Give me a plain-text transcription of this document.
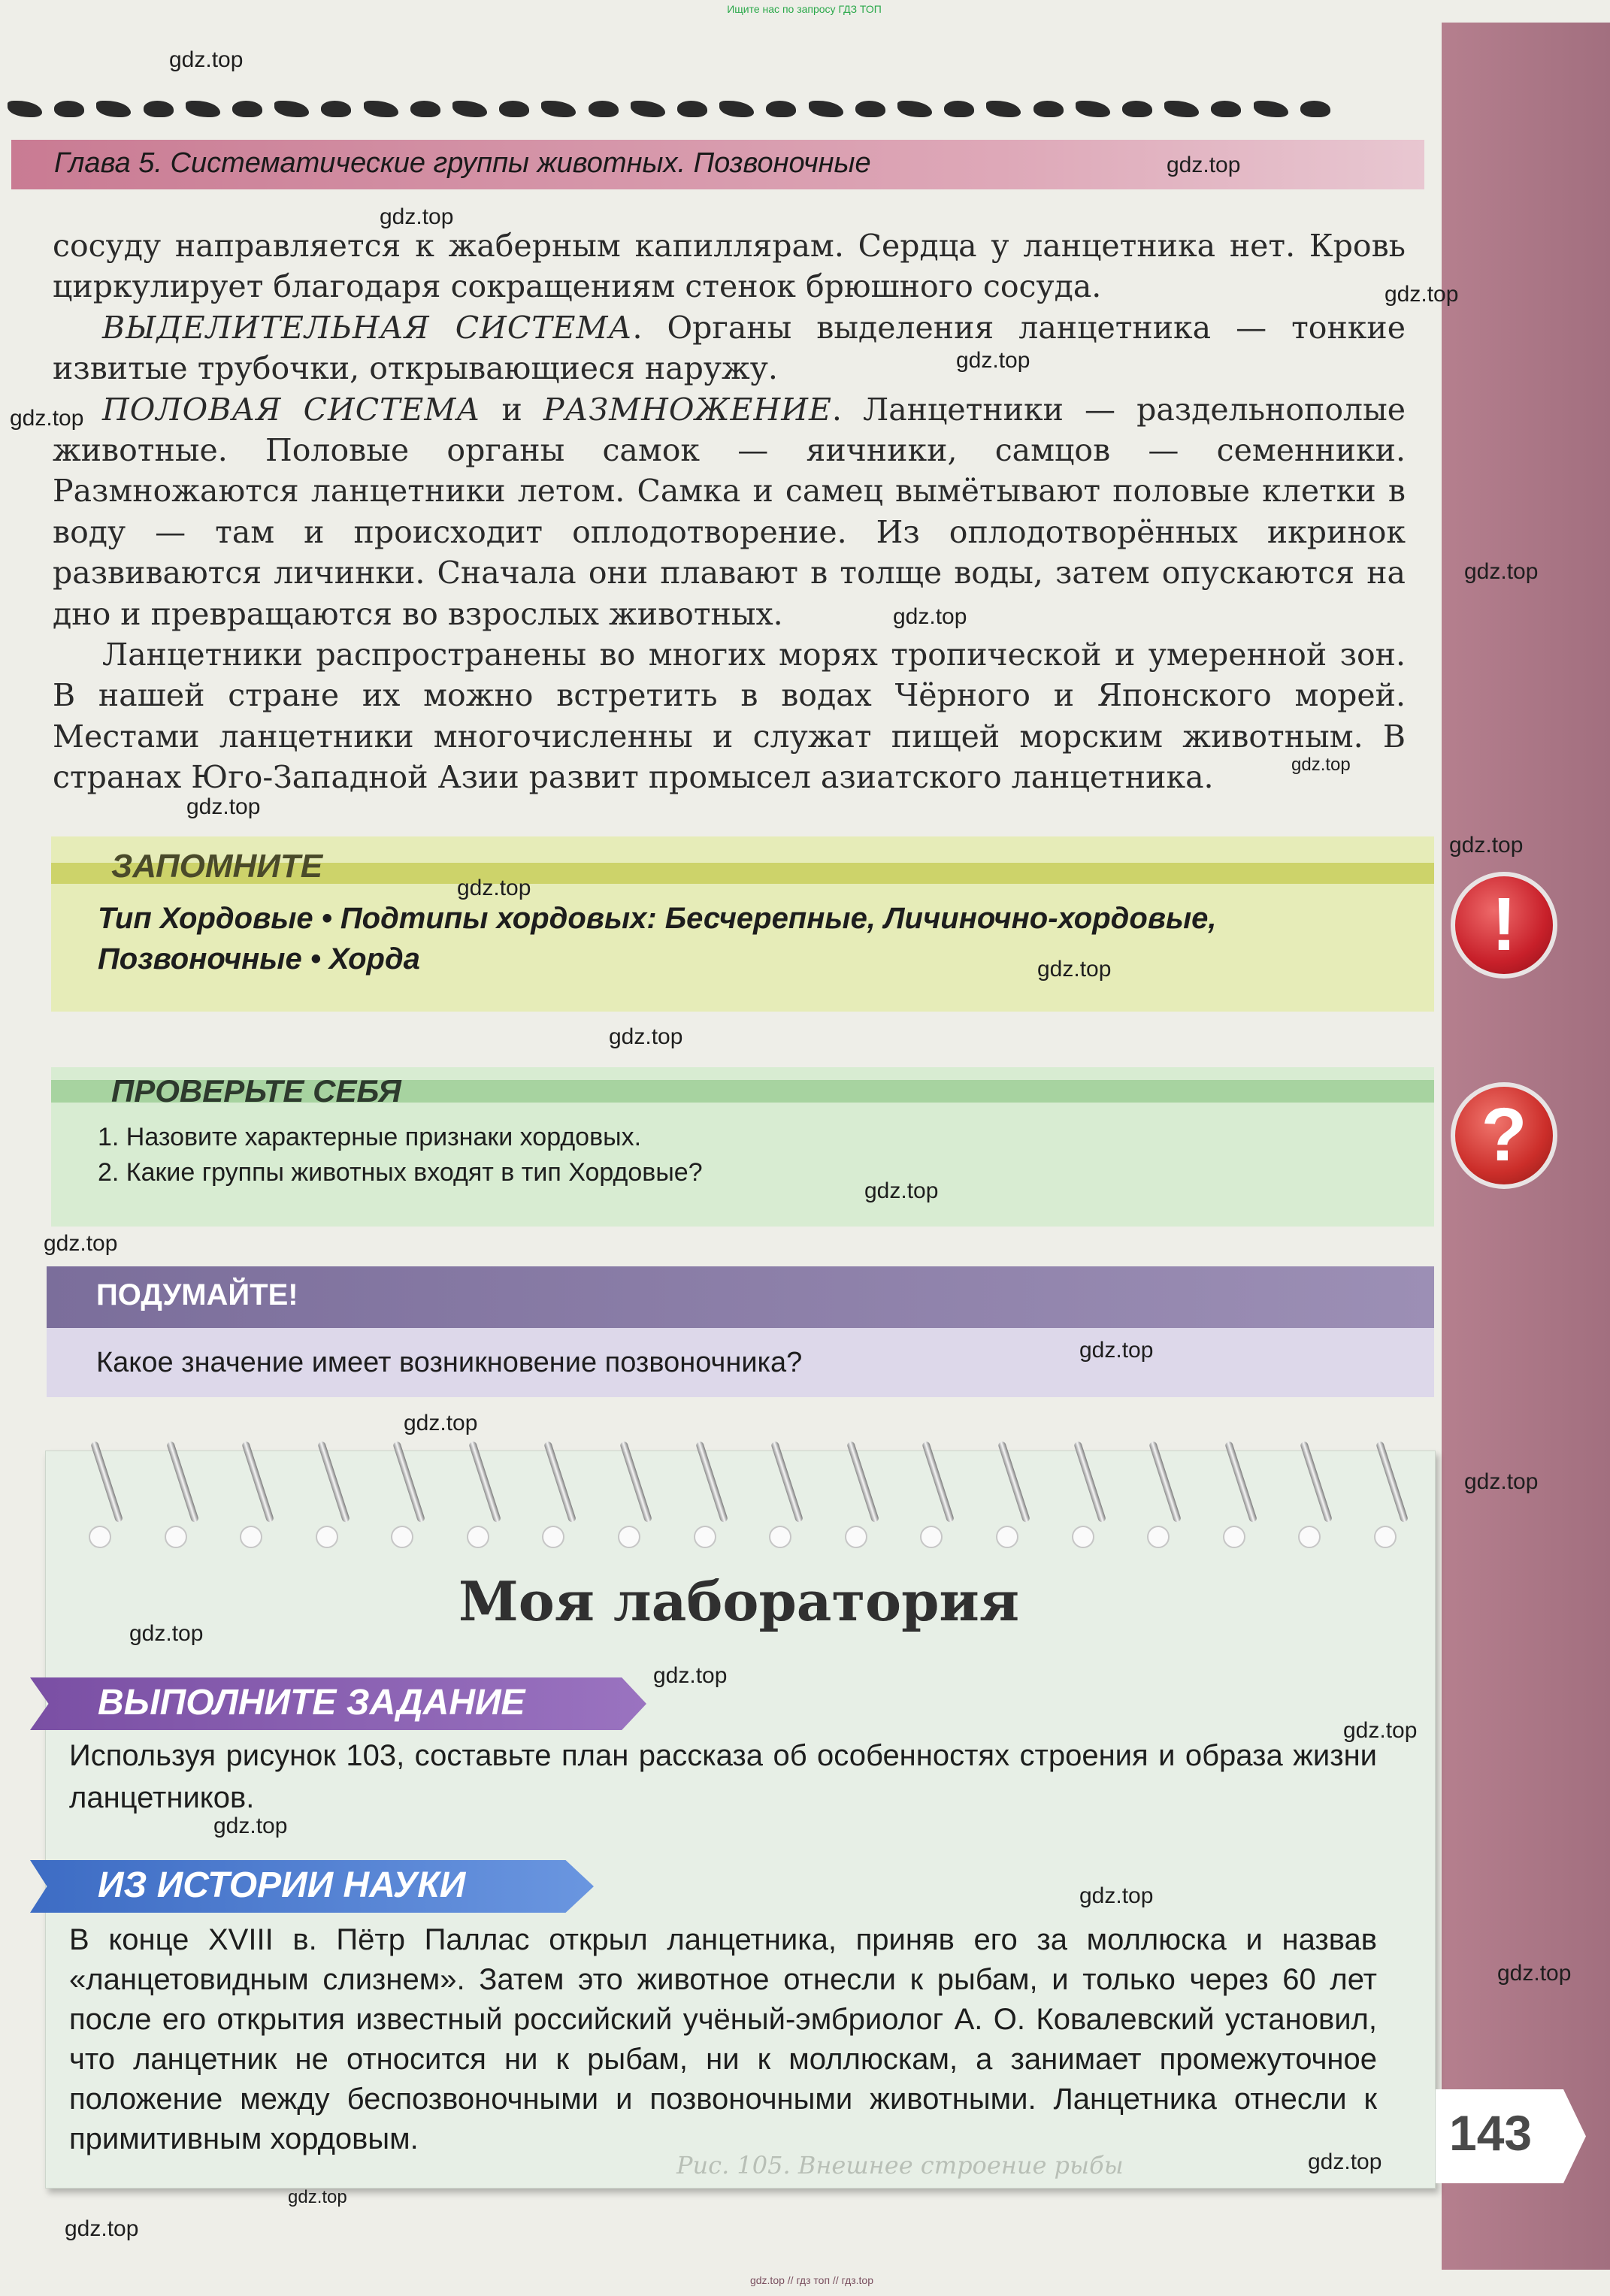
Ищите нас по запросу ГДЗ ТОП
Глава 5. Систематические группы животных. Позвоночные

сосуду направляется к жаберным капиллярам. Сердца у ланцетника нет. Кровь циркулирует благодаря сокращениям стенок брюшного сосуда.

ВЫДЕЛИТЕЛЬНАЯ СИСТЕМА. Органы выделения ланцетника — тонкие извитые трубочки, открывающиеся наружу.

ПОЛОВАЯ СИСТЕМА и РАЗМНОЖЕНИЕ. Ланцетники — раздельнополые животные. Половые органы самок — яичники, самцов — семенники. Размножаются ланцетники летом. Самка и самец вымётывают половые клетки в воду — там и происходит оплодотворение. Из оплодотворённых икринок развиваются личинки. Сначала они плавают в толще воды, затем опускаются на дно и превращаются во взрослых животных.

Ланцетники распространены во многих морях тропической и умеренной зон. В нашей стране их можно встретить в водах Чёрного и Японского морей. Местами ланцетники многочисленны и служат пищей морским животным. В странах Юго-Западной Азии развит промысел азиатского ланцетника.

ЗАПОМНИТЕ
Тип Хордовые • Подтипы хордовых: Бесчерепные, Личиночно-хордовые,
Позвоночные • Хорда	!
ПРОВЕРЬТЕ СЕБЯ
1. Назовите характерные признаки хордовых.
2. Какие группы животных входят в тип Хордовые?	?
ПОДУМАЙТЕ!
Какое значение имеет возникновение позвоночника?
Моя лаборатория
ВЫПОЛНИТЕ ЗАДАНИЕ
Используя рисунок 103, составьте план рассказа об особенностях строения и образа жизни ланцетников.
ИЗ ИСТОРИИ НАУКИ
В конце XVIII в. Пётр Паллас открыл ланцетника, приняв его за моллюска и назвав «ланцетовидным слизнем». Затем это животное отнесли к рыбам, и только через 60 лет после его открытия известный российский учёный-эмбриолог А. О. Ковалевский установил, что ланцетник не относится ни к рыбам, ни к моллюскам, а занимает промежуточное положение между беспозвоночными и позвоночными животными. Ланцетника отнесли к примитивным хордовым.
Рис. 105. Внешнее строение рыбы
143
gdz.top
gdz.top
gdz.top
gdz.top
gdz.top
gdz.top
gdz.top
gdz.top
gdz.top
gdz.top
gdz.top
gdz.top
gdz.top
gdz.top
gdz.top
gdz.top
gdz.top
gdz.top
gdz.top
gdz.top
gdz.top
gdz.top
gdz.top
gdz.top
gdz.top
gdz.top
gdz.top
gdz.top
gdz.top // гдз топ // гдз.top
